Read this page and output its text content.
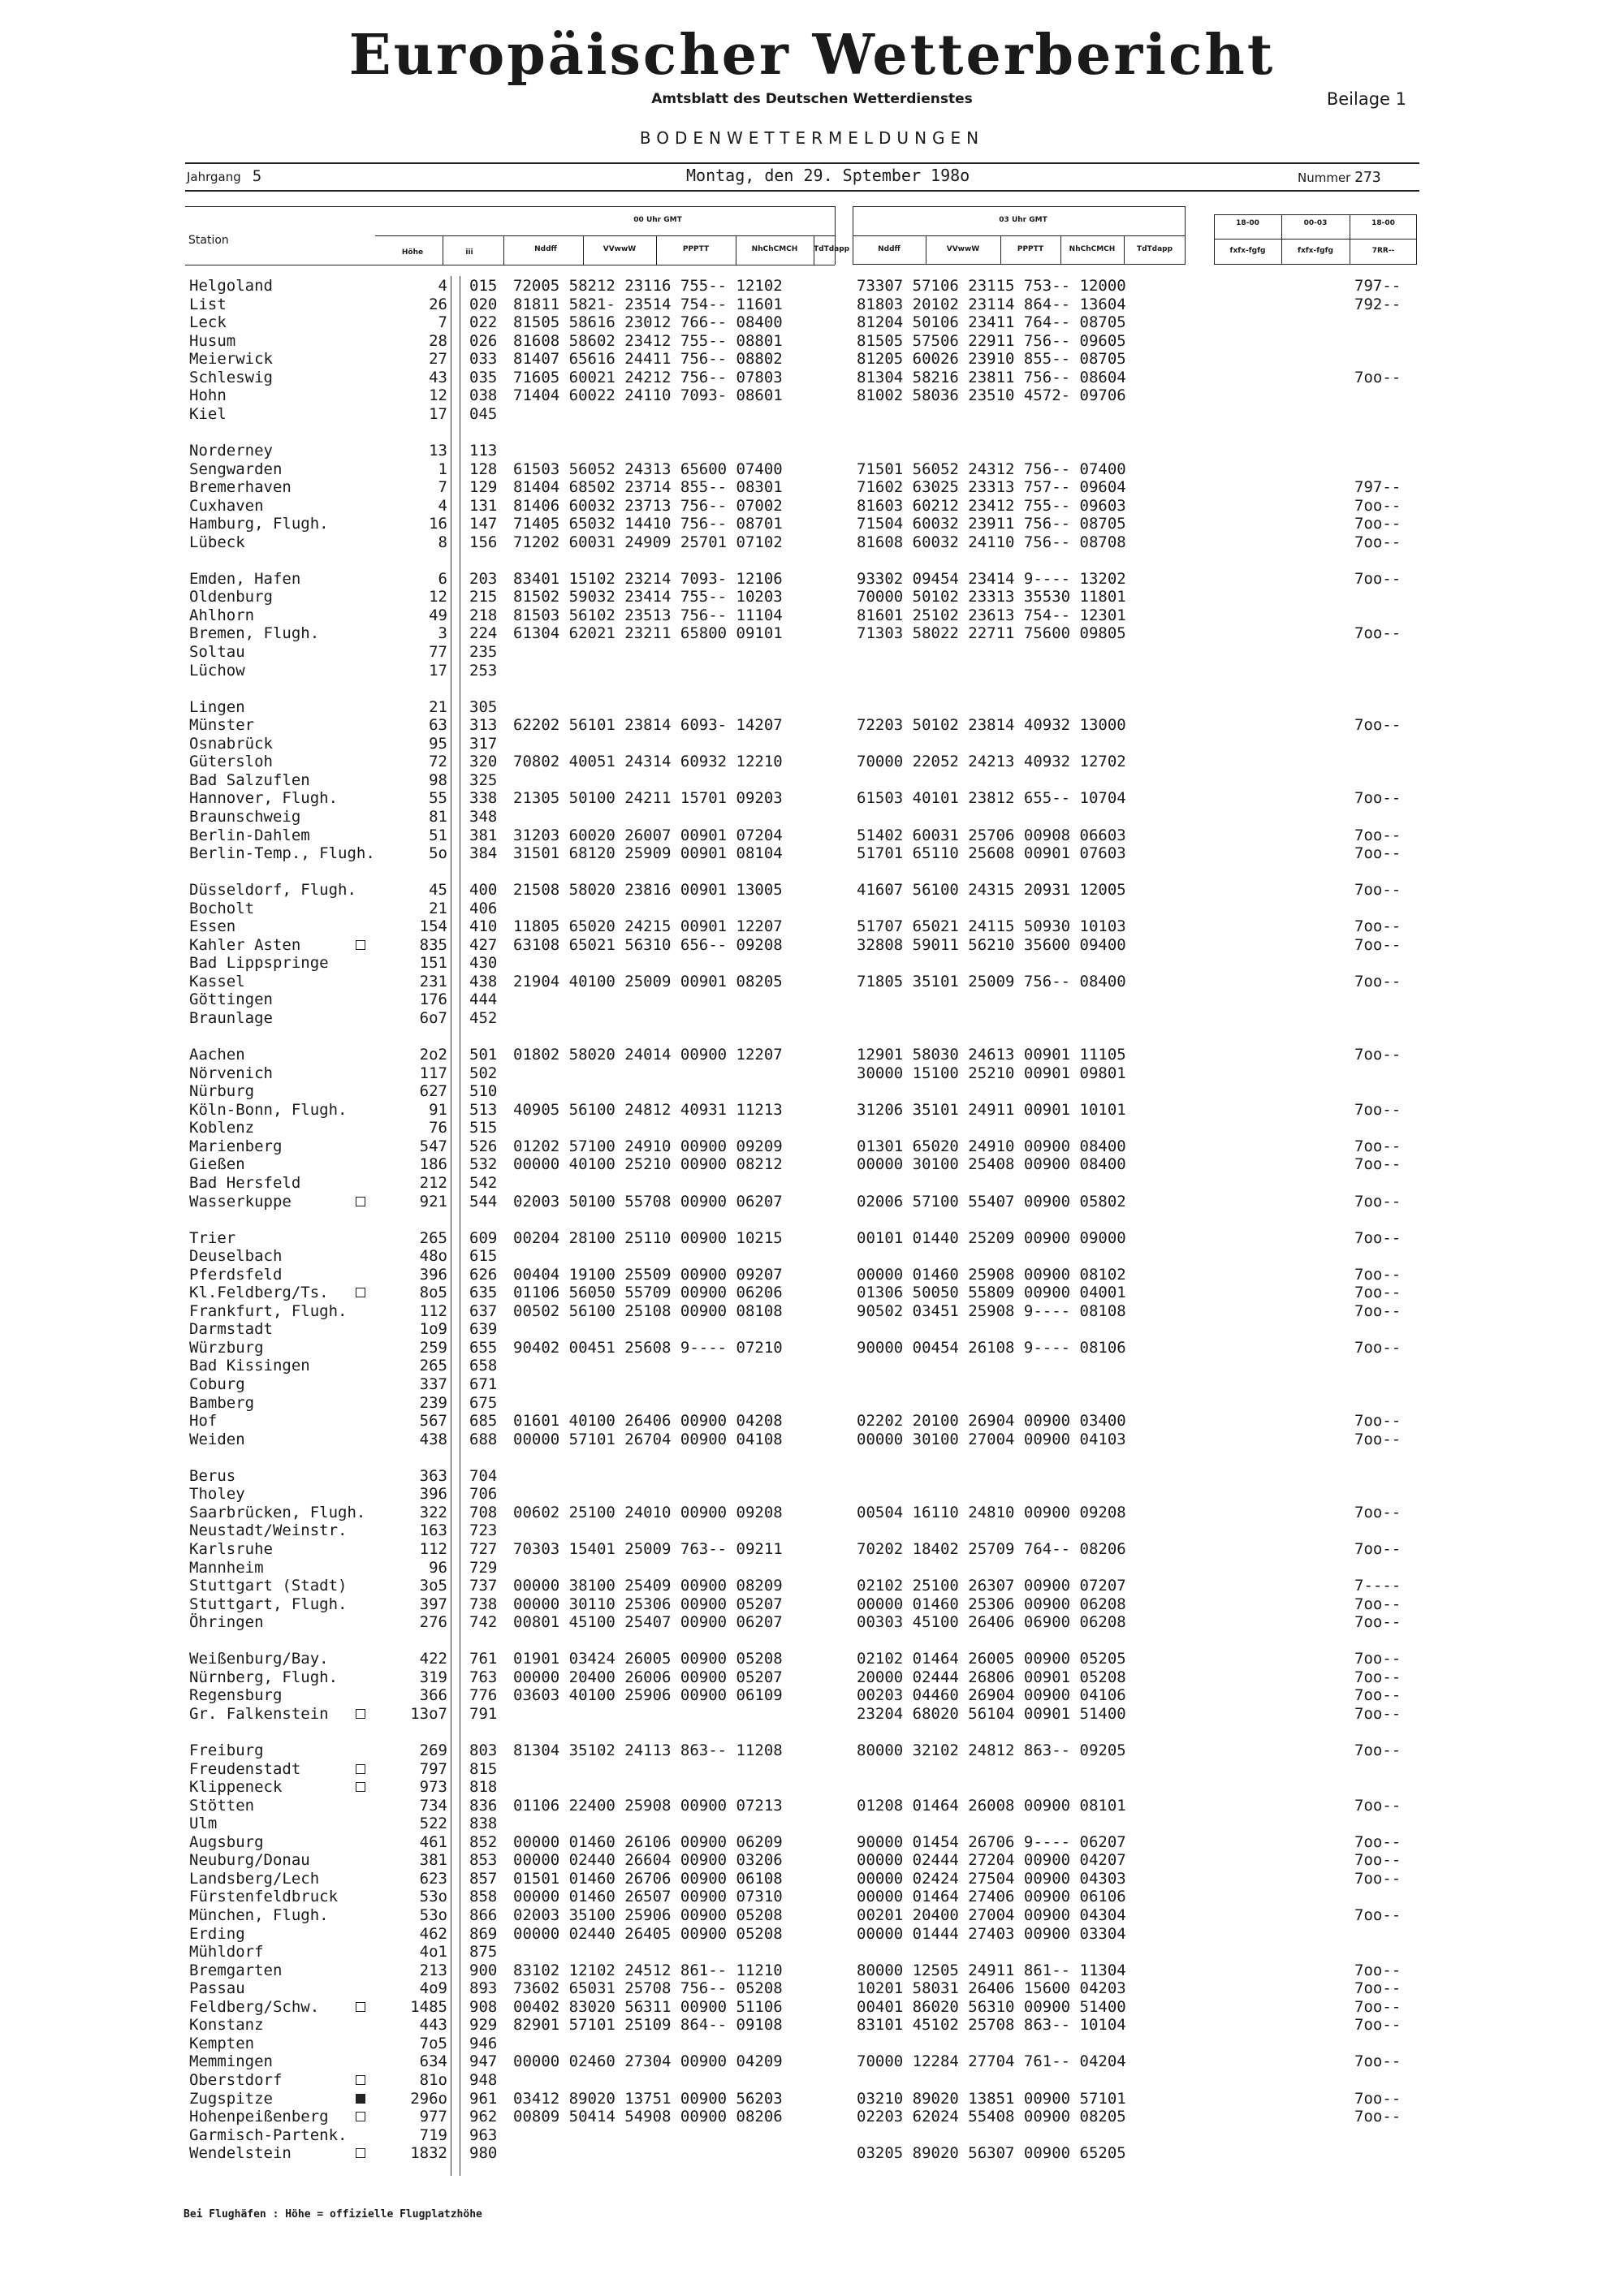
Europäischer Wetterbericht
Amtsblatt des Deutschen Wetterdienstes	Beilage 1
BODENWETTERMELDUNGEN
Jahrgang 5	Montag, den 29. Sptember 198o	Nummer 273
Station
Höhe	iii
00 Uhr GMT	03 Uhr GMT
Nddff	VVwwW	PPPTT	NhChCMCH	TdTdapp	Nddff	VVwwW	PPPTT	NhChCMCH	TdTdapp
18-00	00-03	18-00
fxfx-fgfg	fxfx-fgfg	7RR--
Helgoland	4 015 72005 58212 23116 755-- 12102	73307 57106 23115 753-- 12000	797--
List	26 020 81811 5821- 23514 754-- 11601	81803 20102 23114 864-- 13604	792--
Leck	7 022 81505 58616 23012 766-- 08400	81204 50106 23411 764-- 08705
Husum	28 026 81608 58602 23412 755-- 08801	81505 57506 22911 756-- 09605
Meierwick	27 033 81407 65616 24411 756-- 08802	81205 60026 23910 855-- 08705
Schleswig	43 035 71605 60021 24212 756-- 07803	81304 58216 23811 756-- 08604	7oo--
Hohn	12 038 71404 60022 24110 7093- 08601	81002 58036 23510 4572- 09706
Kiel	17 045
Norderney	13 113
Sengwarden	1 128 61503 56052 24313 65600 07400	71501 56052 24312 756-- 07400
Bremerhaven	7 129 81404 68502 23714 855-- 08301	71602 63025 23313 757-- 09604	797--
Cuxhaven	4 131 81406 60032 23713 756-- 07002	81603 60212 23412 755-- 09603	7oo--
Hamburg, Flugh.	16 147 71405 65032 14410 756-- 08701	71504 60032 23911 756-- 08705	7oo--
Lübeck	8 156 71202 60031 24909 25701 07102	81608 60032 24110 756-- 08708	7oo--
Emden, Hafen	6 203 83401 15102 23214 7093- 12106	93302 09454 23414 9---- 13202	7oo--
Oldenburg	12 215 81502 59032 23414 755-- 10203	70000 50102 23313 35530 11801
Ahlhorn	49 218 81503 56102 23513 756-- 11104	81601 25102 23613 754-- 12301
Bremen, Flugh.	3 224 61304 62021 23211 65800 09101	71303 58022 22711 75600 09805	7oo--
Soltau	77 235
Lüchow	17 253
Lingen	21 305
Münster	63 313 62202 56101 23814 6093- 14207	72203 50102 23814 40932 13000	7oo--
Osnabrück	95 317
Gütersloh	72 320 70802 40051 24314 60932 12210	70000 22052 24213 40932 12702
Bad Salzuflen	98 325
Hannover, Flugh.	55 338 21305 50100 24211 15701 09203	61503 40101 23812 655-- 10704	7oo--
Braunschweig	81 348
Berlin-Dahlem	51 381 31203 60020 26007 00901 07204	51402 60031 25706 00908 06603	7oo--
Berlin-Temp., Flugh.	5o 384 31501 68120 25909 00901 08104	51701 65110 25608 00901 07603	7oo--
Düsseldorf, Flugh.	45 400 21508 58020 23816 00901 13005	41607 56100 24315 20931 12005	7oo--
Bocholt	21 406
Essen	154 410 11805 65020 24215 00901 12207	51707 65021 24115 50930 10103	7oo--
Kahler Asten	835 427 63108 65021 56310 656-- 09208	32808 59011 56210 35600 09400	7oo--
Bad Lippspringe	151 430
Kassel	231 438 21904 40100 25009 00901 08205	71805 35101 25009 756-- 08400	7oo--
Göttingen	176 444
Braunlage	6o7 452
Aachen	2o2 501 01802 58020 24014 00900 12207	12901 58030 24613 00901 11105	7oo--
Nörvenich	117 502	30000 15100 25210 00901 09801
Nürburg	627 510
Köln-Bonn, Flugh.	91 513 40905 56100 24812 40931 11213	31206 35101 24911 00901 10101	7oo--
Koblenz	76 515
Marienberg	547 526 01202 57100 24910 00900 09209	01301 65020 24910 00900 08400	7oo--
Gießen	186 532 00000 40100 25210 00900 08212	00000 30100 25408 00900 08400	7oo--
Bad Hersfeld	212 542
Wasserkuppe	921 544 02003 50100 55708 00900 06207	02006 57100 55407 00900 05802	7oo--
Trier	265 609 00204 28100 25110 00900 10215	00101 01440 25209 00900 09000	7oo--
Deuselbach	48o 615
Pferdsfeld	396 626 00404 19100 25509 00900 09207	00000 01460 25908 00900 08102	7oo--
Kl.Feldberg/Ts.	8o5 635 01106 56050 55709 00900 06206	01306 50050 55809 00900 04001	7oo--
Frankfurt, Flugh.	112 637 00502 56100 25108 00900 08108	90502 03451 25908 9---- 08108	7oo--
Darmstadt	1o9 639
Würzburg	259 655 90402 00451 25608 9---- 07210	90000 00454 26108 9---- 08106	7oo--
Bad Kissingen	265 658
Coburg	337 671
Bamberg	239 675
Hof	567 685 01601 40100 26406 00900 04208	02202 20100 26904 00900 03400	7oo--
Weiden	438 688 00000 57101 26704 00900 04108	00000 30100 27004 00900 04103	7oo--
Berus	363 704
Tholey	396 706
Saarbrücken, Flugh.	322 708 00602 25100 24010 00900 09208	00504 16110 24810 00900 09208	7oo--
Neustadt/Weinstr.	163 723
Karlsruhe	112 727 70303 15401 25009 763-- 09211	70202 18402 25709 764-- 08206	7oo--
Mannheim	96 729
Stuttgart (Stadt)	3o5 737 00000 38100 25409 00900 08209	02102 25100 26307 00900 07207	7----
Stuttgart, Flugh.	397 738 00000 30110 25306 00900 05207	00000 01460 25306 00900 06208	7oo--
Öhringen	276 742 00801 45100 25407 00900 06207	00303 45100 26406 06900 06208	7oo--
Weißenburg/Bay.	422 761 01901 03424 26005 00900 05208	02102 01464 26005 00900 05205	7oo--
Nürnberg, Flugh.	319 763 00000 20400 26006 00900 05207	20000 02444 26806 00901 05208	7oo--
Regensburg	366 776 03603 40100 25906 00900 06109	00203 04460 26904 00900 04106	7oo--
Gr. Falkenstein	13o7 791	23204 68020 56104 00901 51400	7oo--
Freiburg	269 803 81304 35102 24113 863-- 11208	80000 32102 24812 863-- 09205	7oo--
Freudenstadt	797 815
Klippeneck	973 818
Stötten	734 836 01106 22400 25908 00900 07213	01208 01464 26008 00900 08101	7oo--
Ulm	522 838
Augsburg	461 852 00000 01460 26106 00900 06209	90000 01454 26706 9---- 06207	7oo--
Neuburg/Donau	381 853 00000 02440 26604 00900 03206	00000 02444 27204 00900 04207	7oo--
Landsberg/Lech	623 857 01501 01460 26706 00900 06108	00000 02424 27504 00900 04303	7oo--
Fürstenfeldbruck	53o 858 00000 01460 26507 00900 07310	00000 01464 27406 00900 06106
München, Flugh.	53o 866 02003 35100 25906 00900 05208	00201 20400 27004 00900 04304	7oo--
Erding	462 869 00000 02440 26405 00900 05208	00000 01444 27403 00900 03304
Mühldorf	4o1 875
Bremgarten	213 900 83102 12102 24512 861-- 11210	80000 12505 24911 861-- 11304	7oo--
Passau	4o9 893 73602 65031 25708 756-- 05208	10201 58031 26406 15600 04203	7oo--
Feldberg/Schw.	1485 908 00402 83020 56311 00900 51106	00401 86020 56310 00900 51400	7oo--
Konstanz	443 929 82901 57101 25109 864-- 09108	83101 45102 25708 863-- 10104	7oo--
Kempten	7o5 946
Memmingen	634 947 00000 02460 27304 00900 04209	70000 12284 27704 761-- 04204	7oo--
Oberstdorf	81o 948
Zugspitze	296o 961 03412 89020 13751 00900 56203	03210 89020 13851 00900 57101	7oo--
Hohenpeißenberg	977 962 00809 50414 54908 00900 08206	02203 62024 55408 00900 08205	7oo--
Garmisch-Partenk.	719 963
Wendelstein	1832 980	03205 89020 56307 00900 65205
Bei Flughäfen : Höhe = offizielle Flugplatzhöhe
